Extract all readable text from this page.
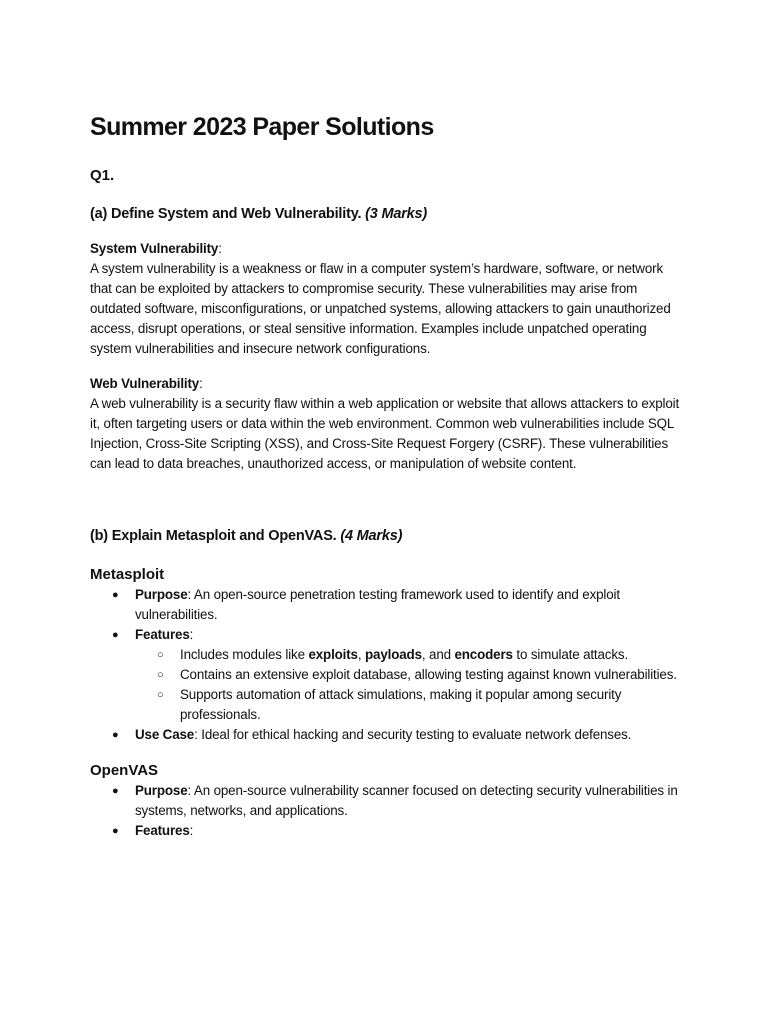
Summer 2023 Paper Solutions
Q1.
(a) Define System and Web Vulnerability. (3 Marks)

System Vulnerability:

A system vulnerability is a weakness or flaw in a computer system’s hardware, software, or network that can be exploited by attackers to compromise security. These vulnerabilities may arise from outdated software, misconfigurations, or unpatched systems, allowing attackers to gain unauthorized access, disrupt operations, or steal sensitive information. Examples include unpatched operating system vulnerabilities and insecure network configurations.

Web Vulnerability:

A web vulnerability is a security flaw within a web application or website that allows attackers to exploit it, often targeting users or data within the web environment. Common web vulnerabilities include SQL Injection, Cross-Site Scripting (XSS), and Cross-Site Request Forgery (CSRF). These vulnerabilities can lead to data breaches, unauthorized access, or manipulation of website content.

(b) Explain Metasploit and OpenVAS. (4 Marks)
Metasploit
● Purpose: An open-source penetration testing framework used to identify and exploit vulnerabilities.
● Features:
○ Includes modules like exploits, payloads, and encoders to simulate attacks.
○ Contains an extensive exploit database, allowing testing against known vulnerabilities.
○ Supports automation of attack simulations, making it popular among security professionals.
● Use Case: Ideal for ethical hacking and security testing to evaluate network defenses.
OpenVAS
● Purpose: An open-source vulnerability scanner focused on detecting security vulnerabilities in systems, networks, and applications.
● Features:
